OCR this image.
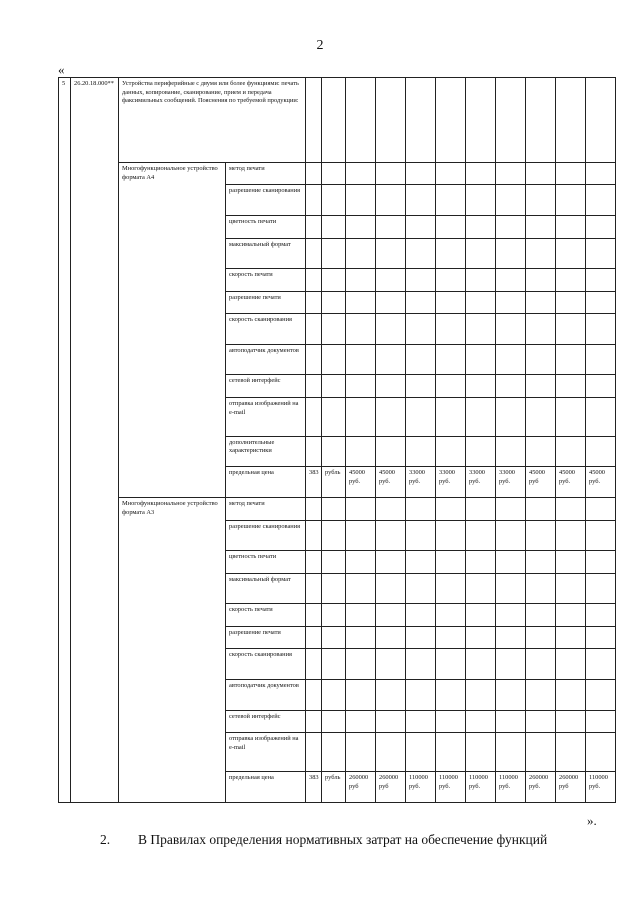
2
«
5	26.20.18.000**	Устройства периферийные с двумя или более функциями: печать данных, копирование, сканирование, прием и передача факсимильных сообщений. Пояснения по требуемой продукции:												
		Многофункциональное устройство формата А4	метод печати											
			разрешение сканирования											
			цветность печати											
			максимальный формат											
			скорость печати											
			разрешение печати											
			скорость сканирования											
			автоподатчик документов											
			сетевой интерфейс											
			отправка изображений на e-mail											
			дополнительные характеристики											
			предельная цена	383	рубль	45000 руб.	45000 руб.	33000 руб.	33000 руб.	33000 руб.	33000 руб.	45000 руб	45000 руб.	45000 руб.
		Многофункциональное устройство формата А3	метод печати											
			разрешение сканирования											
			цветность печати											
			максимальный формат											
			скорость печати											
			разрешение печати											
			скорость сканирования											
			автоподатчик документов											
			сетевой интерфейс											
			отправка изображений на e-mail											
			предельная цена	383	рубль	260000 руб	260000 руб	110000 руб.	110000 руб.	110000 руб.	110000 руб.	260000 руб.	260000 руб	110000 руб.
».
2. В Правилах определения нормативных затрат на обеспечение функций
